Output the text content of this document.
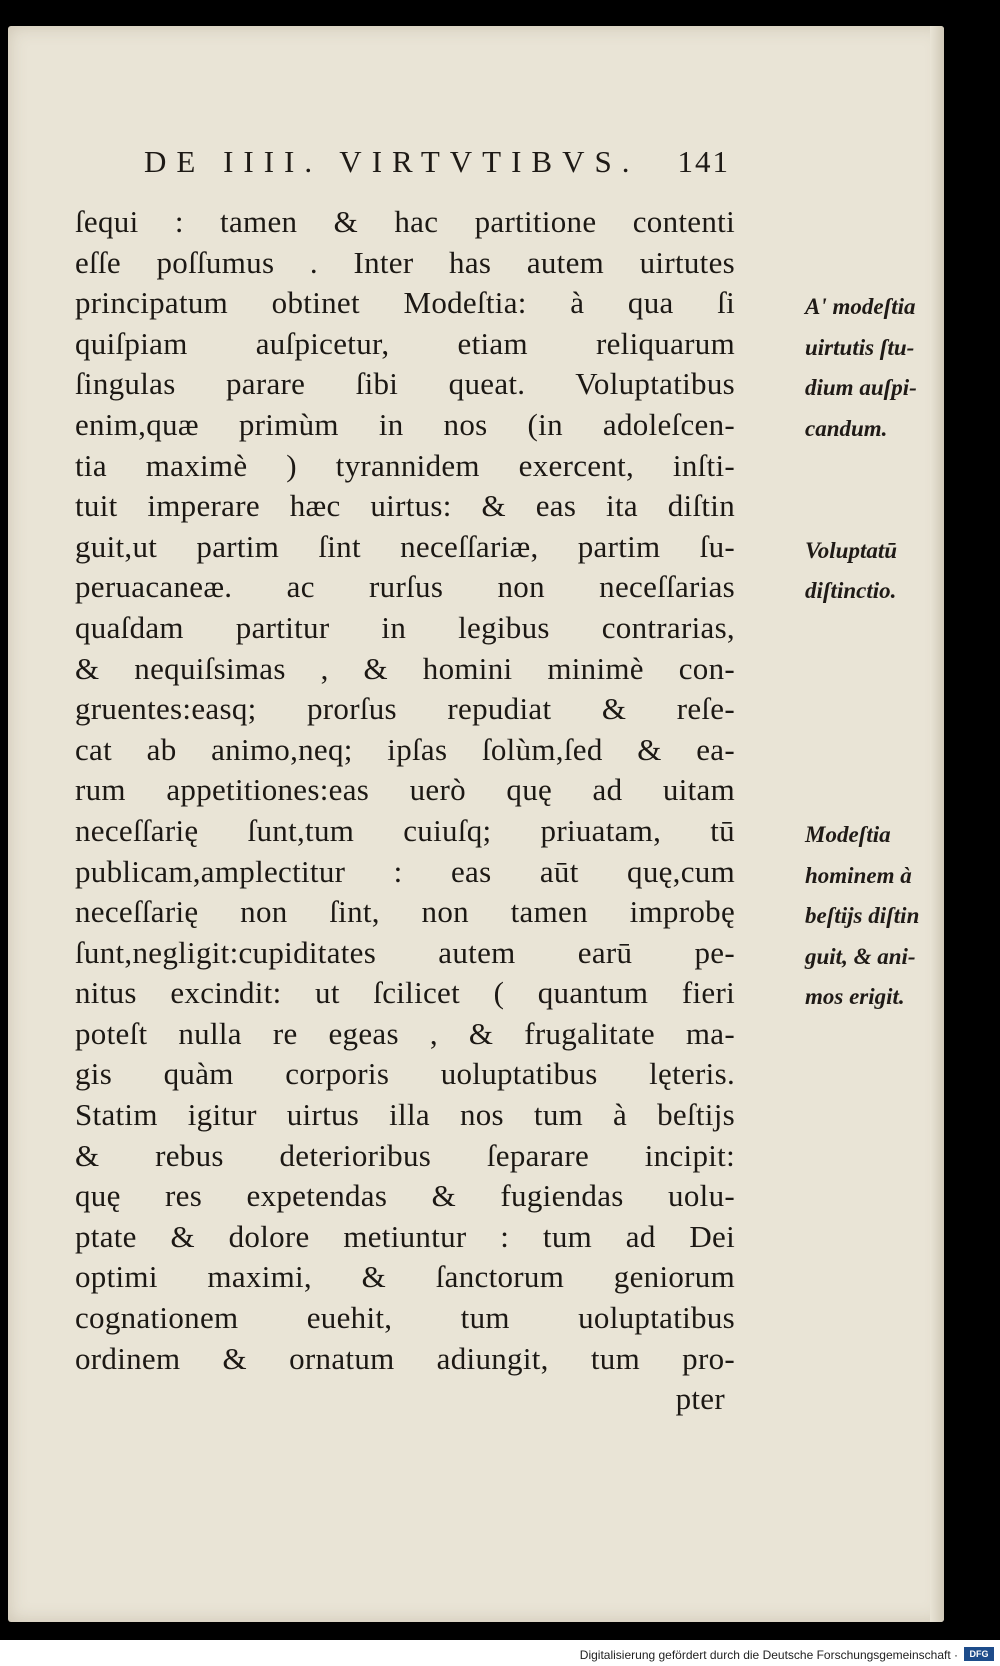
DE IIII. VIRTVTIBVS. 141
ſequi : tamen & hac partitione contenti
eſſe poſſumus . Inter has autem uirtutes
principatum obtinet Modeſtia: à qua ſi
quiſpiam auſpicetur, etiam reliquarum
ſingulas parare ſibi queat. Voluptatibus
enim,quæ primùm in nos (in adoleſcen-
tia maximè ) tyrannidem exercent, inſti-
tuit imperare hæc uirtus: & eas ita diſtin
guit,ut partim ſint neceſſariæ, partim ſu-
peruacaneæ. ac rurſus non neceſſarias
quaſdam partitur in legibus contrarias,
& nequiſsimas , & homini minimè con-
gruentes:easq; prorſus repudiat & reſe-
cat ab animo,neq; ipſas ſolùm,ſed & ea-
rum appetitiones:eas uerò quę ad uitam
neceſſarię ſunt,tum cuiuſq; priuatam, tū
publicam,amplectitur : eas aūt quę,cum
neceſſarię non ſint, non tamen improbę
ſunt,negligit:cupiditates autem earū pe-
nitus excindit: ut ſcilicet ( quantum fieri
poteſt nulla re egeas , & frugalitate ma-
gis quàm corporis uoluptatibus lęteris.
Statim igitur uirtus illa nos tum à beſtijs
& rebus deterioribus ſeparare incipit:
quę res expetendas & fugiendas uolu-
ptate & dolore metiuntur : tum ad Dei
optimi maximi, & ſanctorum geniorum
cognationem euehit, tum uoluptatibus
ordinem & ornatum adiungit, tum pro-
pter
A' modeſtia
uirtutis ſtu-
dium auſpi-
candum.
Voluptatū
diſtinctio.
Modeſtia
hominem à
beſtijs diſtin
guit, & ani-
mos erigit.
Digitalisierung gefördert durch die Deutsche Forschungsgemeinschaft ·	DFG
